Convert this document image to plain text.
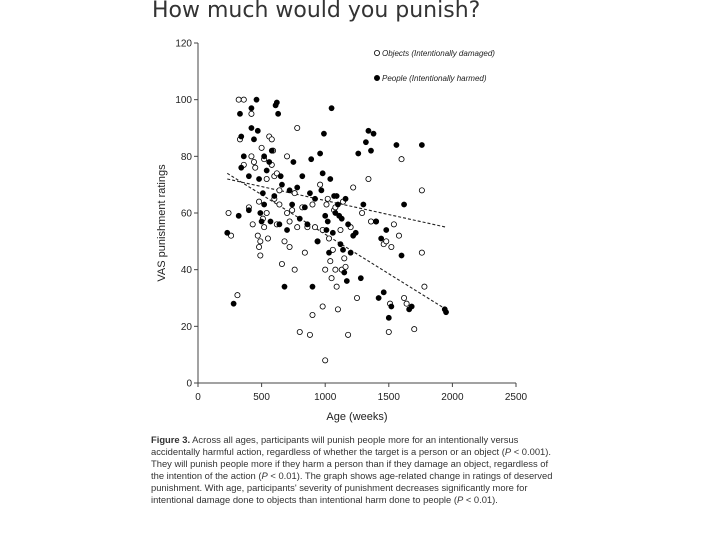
How much would you punish?
0	500	1000	1500	2000	2500
0
20
40
60
80
100
120
Objects (Intentionally damaged)
People (Intentionally harmed)
Age (weeks)
VAS punishment ratings

Figure 3. Across all ages, participants will punish people more for an intentionally versus accidentally harmful action, regardless of whether the target is a person or an object (P < 0.001). They will punish people more if they harm a person than if they damage an object, regardless of the intention of the action (P < 0.01). The graph shows age-related change in ratings of deserved punishment. With age, participants' severity of punishment decreases significantly more for intentional damage done to objects than intentional harm done to people (P < 0.01).
